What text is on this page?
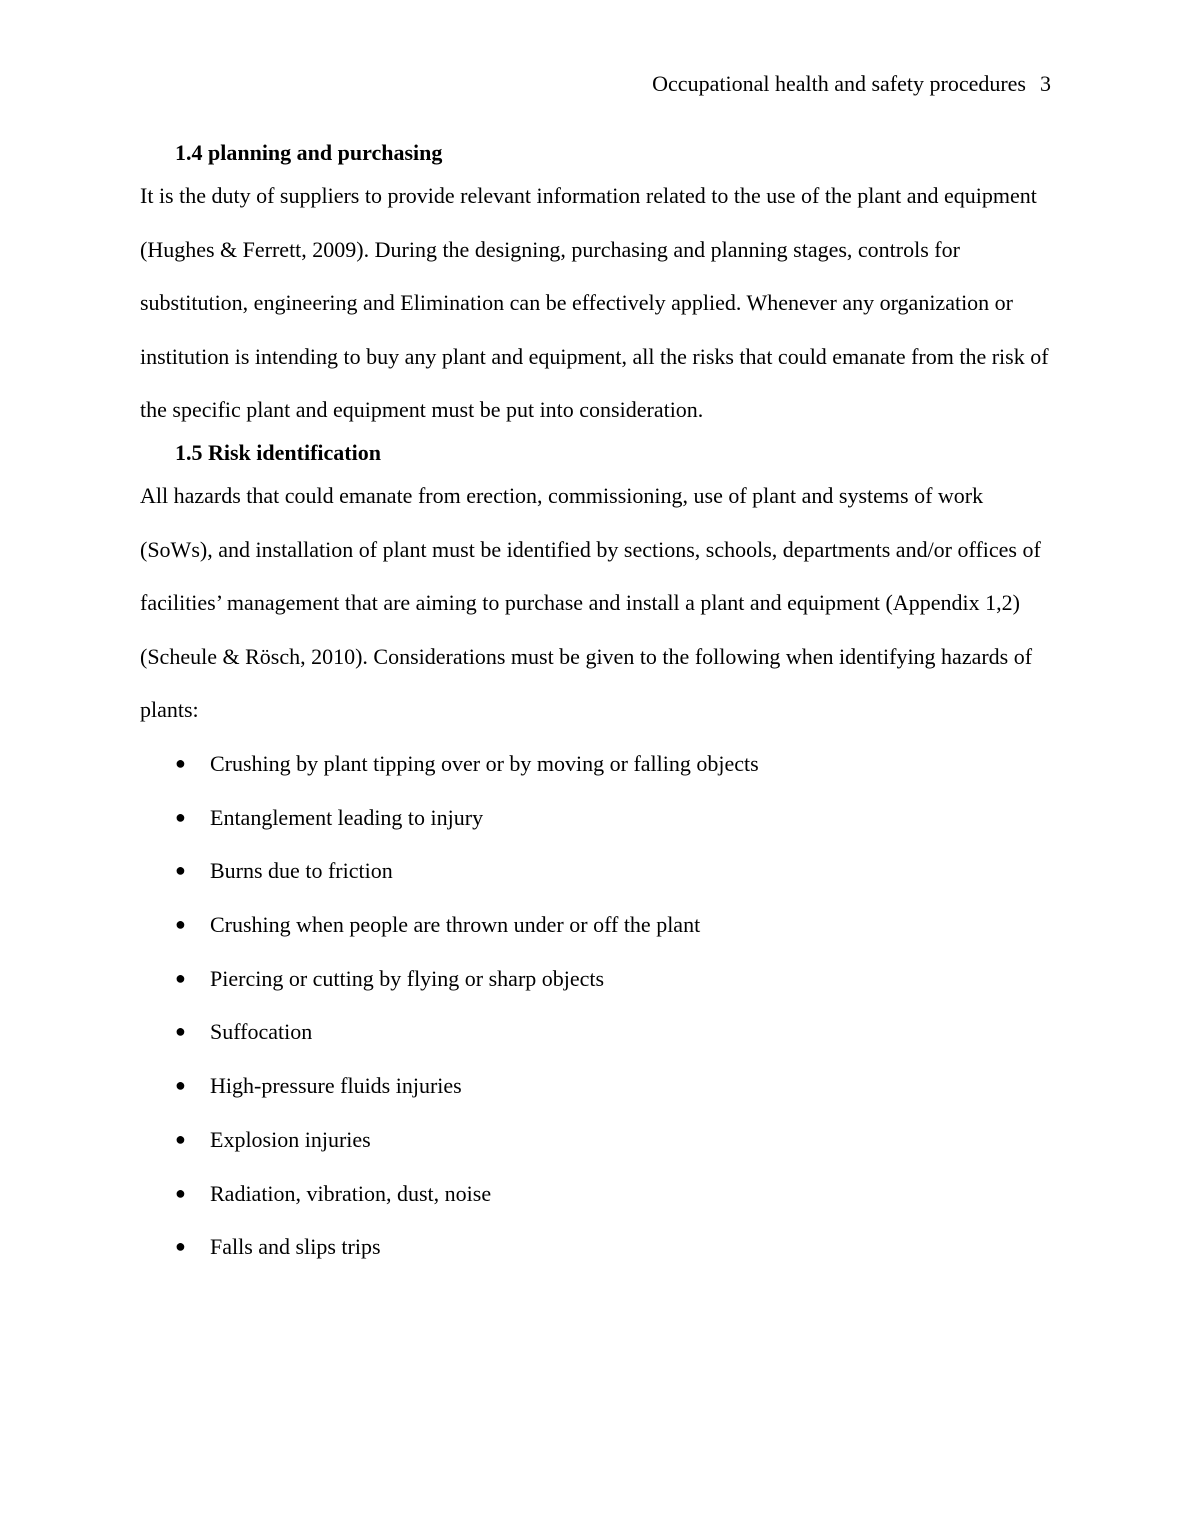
Occupational health and safety procedures 3
1.4 planning and purchasing

It is the duty of suppliers to provide relevant information related to the use of the plant and equipment (Hughes & Ferrett, 2009). During the designing, purchasing and planning stages, controls for substitution, engineering and Elimination can be effectively applied. Whenever any organization or institution is intending to buy any plant and equipment, all the risks that could emanate from the risk of the specific plant and equipment must be put into consideration.

1.5 Risk identification

All hazards that could emanate from erection, commissioning, use of plant and systems of work (SoWs), and installation of plant must be identified by sections, schools, departments and/or offices of facilities’ management that are aiming to purchase and install a plant and equipment (Appendix 1,2) (Scheule & Rösch, 2010). Considerations must be given to the following when identifying hazards of plants:

●	Crushing by plant tipping over or by moving or falling objects
●	Entanglement leading to injury
●	Burns due to friction
●	Crushing when people are thrown under or off the plant
●	Piercing or cutting by flying or sharp objects
●	Suffocation
●	High-pressure fluids injuries
●	Explosion injuries
●	Radiation, vibration, dust, noise
●	Falls and slips trips
